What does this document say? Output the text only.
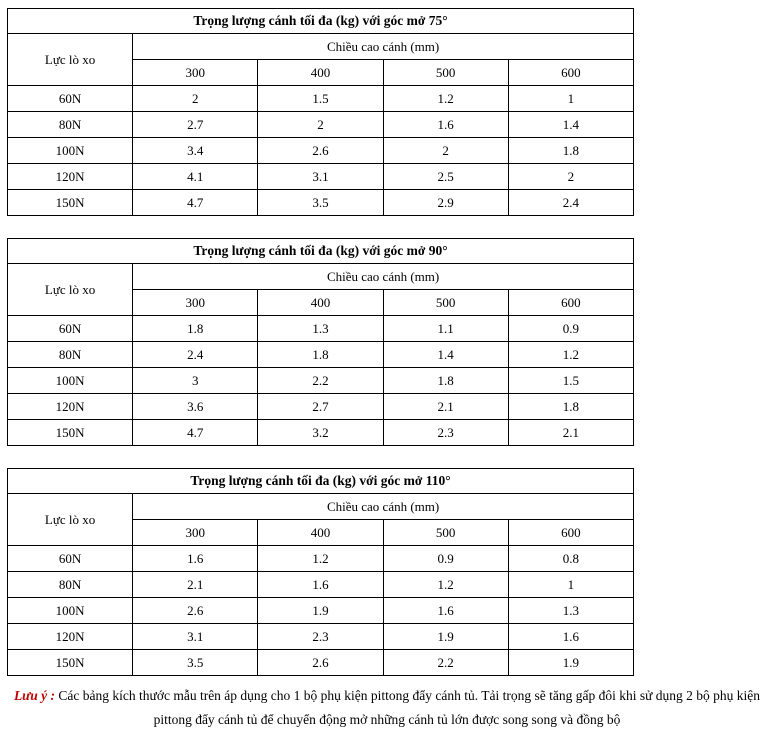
Trọng lượng cánh tối đa (kg) với góc mở 75°				
Lực lò xo	Chiều cao cánh (mm)			
	300	400	500	600
60N	2	1.5	1.2	1
80N	2.7	2	1.6	1.4
100N	3.4	2.6	2	1.8
120N	4.1	3.1	2.5	2
150N	4.7	3.5	2.9	2.4
Trọng lượng cánh tối đa (kg) với góc mở 90°				
Lực lò xo	Chiều cao cánh (mm)			
	300	400	500	600
60N	1.8	1.3	1.1	0.9
80N	2.4	1.8	1.4	1.2
100N	3	2.2	1.8	1.5
120N	3.6	2.7	2.1	1.8
150N	4.7	3.2	2.3	2.1
Trọng lượng cánh tối đa (kg) với góc mở 110°				
Lực lò xo	Chiều cao cánh (mm)			
	300	400	500	600
60N	1.6	1.2	0.9	0.8
80N	2.1	1.6	1.2	1
100N	2.6	1.9	1.6	1.3
120N	3.1	2.3	1.9	1.6
150N	3.5	2.6	2.2	1.9
Lưu ý : Các bảng kích thước mẫu trên áp dụng cho 1 bộ phụ kiện pittong đẩy cánh tủ. Tải trọng sẽ tăng gấp đôi khi sử dụng 2 bộ phụ kiện pittong đẩy cánh tủ để chuyển động mở những cánh tủ lớn được song song và đồng bộ
